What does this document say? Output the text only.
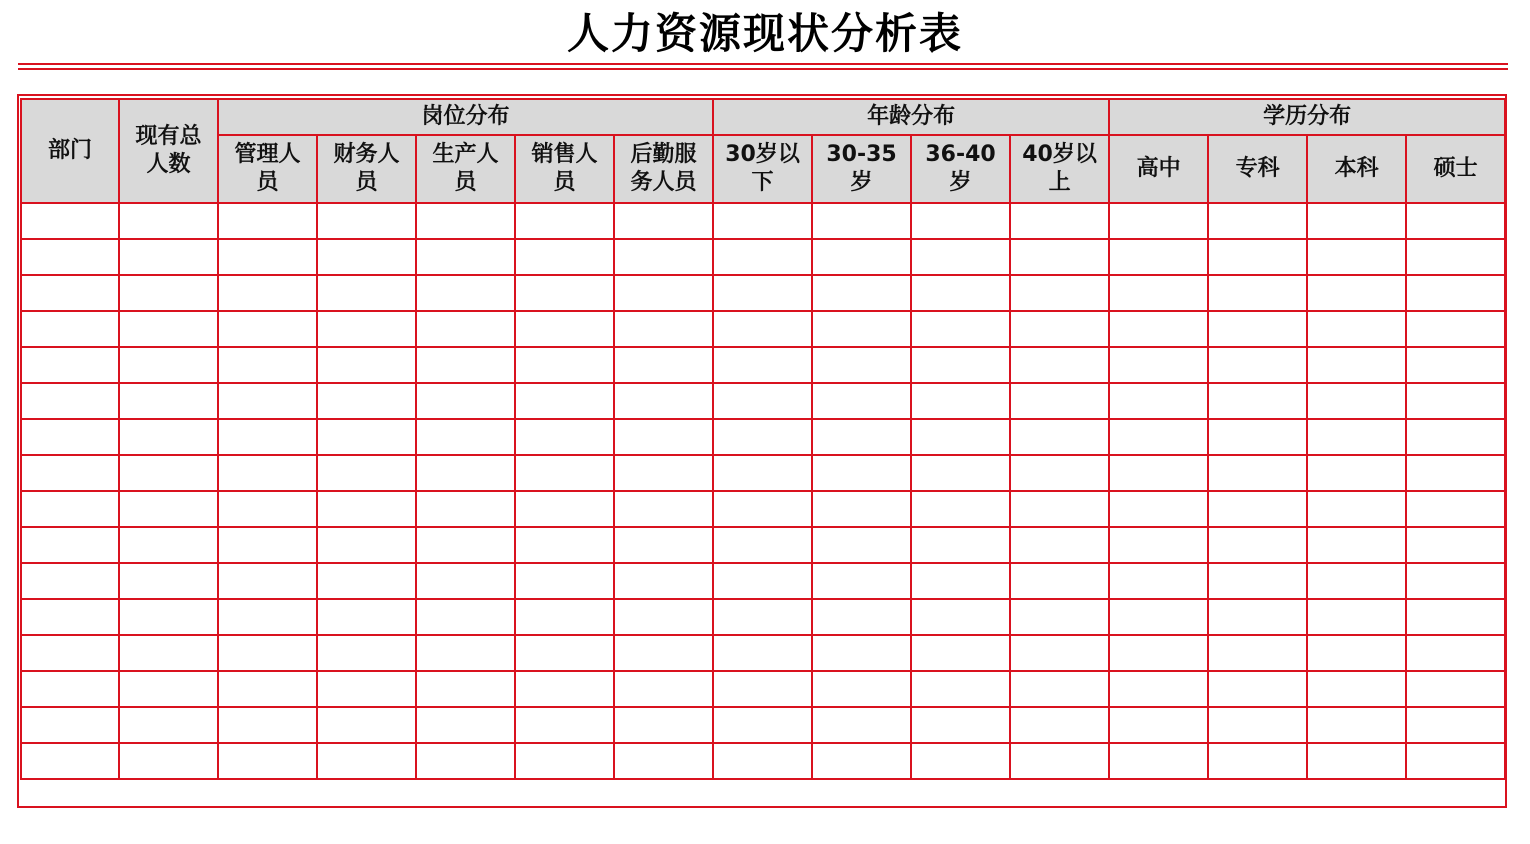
人力资源现状分析表
部门	现有总人数	岗位分布					年龄分布				学历分布			

		管理人员	财务人员	生产人员	销售人员	后勤服务人员	30岁以下	30-35岁	36-40岁	40岁以上	高中	专科	本科	硕士
